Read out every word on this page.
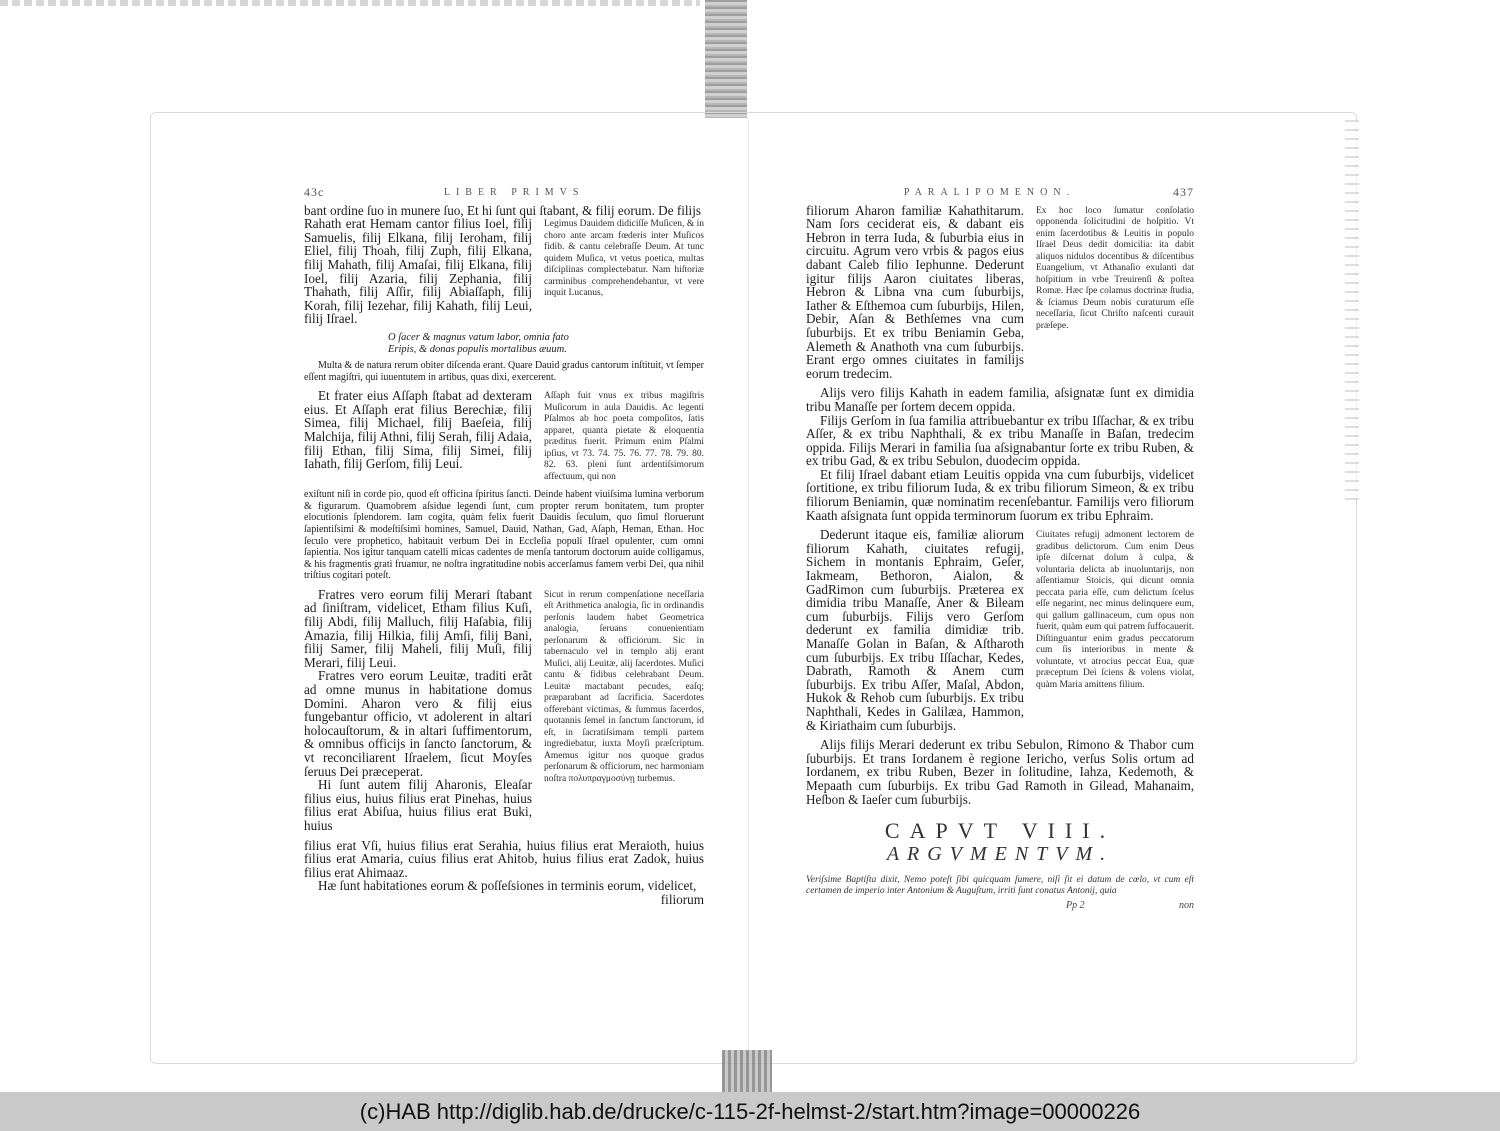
43c	LIBER PRIMVS

bant ordine ſuo in munere ſuo, Et hi ſunt qui ſtabant, & filij eorum. De filijs

Rahath erat Hemam cantor filius Ioel, filij Samuelis, filij Elkana, filij Ieroham, filij Eliel, filij Thoah, filij Zuph, filij Elkana, filij Mahath, filij Amaſai, filij Elkana, filij Ioel, filij Azaria, filij Zephania, filij Thahath, filij Aſſir, filij Abiaſſaph, filij Korah, filij Iezehar, filij Kahath, filij Leui, filij Iſrael.

Legimus Dauidem didiciſſe Muſicen, & in choro ante arcam fœderis inter Muſicos fidib. & cantu celebraſſe Deum. At tunc quidem Muſica, vt vetus poetica, multas diſciplinas complectebatur. Nam hiſtoriæ carminibus comprehendebantur, vt vere inquit Lucanus,

O ſacer & magnus vatum labor, omnia fato
Eripis, & donas populis mortalibus æuum.

Multa & de natura rerum obiter diſcenda erant. Quare Dauid gradus cantorum inſtituit, vt ſemper eſſent magiſtri, qui iuuentutem in artibus, quas dixi, exercerent.

Et frater eius Aſſaph ſtabat ad dexteram eius. Et Aſſaph erat filius Berechiæ, filij Simea, filij Michael, filij Baeſeia, filij Malchija, filij Athni, filij Serah, filij Adaia, filij Ethan, filij Sima, filij Simei, filij Iahath, filij Gerſom, filij Leui.

Aſſaph fuit vnus ex tribus magiſtris Muſicorum in aula Dauidis. Ac legenti Pſalmos ab hoc poeta compoſitos, ſatis apparet, quanta pietate & eloquentia præditus fuerit. Primum enim Pſalmi ipſius, vt 73. 74. 75. 76. 77. 78. 79. 80. 82. 63. pleni ſunt ardentiſsimorum affectuum, qui non

exiſtunt niſi in corde pio, quod eſt officina ſpiritus ſancti. Deinde habent viuiſsima lumina verborum & figurarum. Quamobrem aſsidue legendi ſunt, cum propter rerum bonitatem, tum propter elocutionis ſplendorem. Iam cogita, quàm felix fuerit Dauidis ſeculum, quo ſimul floruerunt ſapientiſsimi & modeſtiſsimi homines, Samuel, Dauid, Nathan, Gad, Aſaph, Heman, Ethan. Hoc ſeculo vere prophetico, habitauit verbum Dei in Eccleſia populi Iſrael opulenter, cum omni ſapientia. Nos igitur tanquam catelli micas cadentes de menſa tantorum doctorum auide colligamus, & his fragmentis grati fruamur, ne noſtra ingratitudine nobis accerſamus famem verbi Dei, qua nihil triſtius cogitari poteſt.

Fratres vero eorum filij Merari ſtabant ad ſiniſtram, videlicet, Etham filius Kuſi, filij Abdi, filij Malluch, filij Haſabia, filij Amazia, filij Hilkia, filij Amſi, filij Bani, filij Samer, filij Maheli, filij Muſi, filij Merari, filij Leui.

Fratres vero eorum Leuitæ, traditi erãt ad omne munus in habitatione domus Domini. Aharon vero & filij eius fungebantur officio, vt adolerent in altari holocauſtorum, & in altari ſuffimentorum, & omnibus officijs in ſancto ſanctorum, & vt reconciliarent Iſraelem, ſicut Moyſes ſeruus Dei præceperat.

Hi ſunt autem filij Aharonis, Eleaſar filius eius, huius filius erat Pinehas, huius filius erat Abiſua, huius filius erat Buki, huius

Sicut in rerum compenſatione neceſſaria eſt Arithmetica analogia, ſic in ordinandis perſonis laudem habet Geometrica analogia, ſeruans conuenientiam perſonarum & officiorum. Sic in tabernaculo vel in templo alij erant Muſici, alij Leuitæ, alij ſacerdotes. Muſici cantu & fidibus celebrabant Deum. Leuitæ mactabant pecudes, eaſq; præparabant ad ſacrificia. Sacerdotes offerebant victimas, & ſummus ſacerdos, quotannis ſemel in ſanctum ſanctorum, id eſt, in ſacratiſsimam templi partem ingrediebatur, iuxta Moyſi præſcriptum. Amemus igitur nos quoque gradus perſonarum & officiorum, nec harmoniam noſtra πολυπραγμοσύνῃ turbemus.

filius erat Vſi, huius filius erat Serahia, huius filius erat Meraioth, huius filius erat Amaria, cuius filius erat Ahitob, huius filius erat Zadok, huius filius erat Ahimaaz.

Hæ ſunt habitationes eorum & poſſeſsiones in terminis eorum, videlicet,

filiorum

PARALIPOMENON.	437

filiorum Aharon familiæ Kahathitarum. Nam ſors ceciderat eis, & dabant eis Hebron in terra Iuda, & ſuburbia eius in circuitu. Agrum vero vrbis & pagos eius dabant Caleb filio Iephunne. Dederunt igitur filijs Aaron ciuitates liberas, Hebron & Libna vna cum ſuburbijs, Iather & Eſthemoa cum ſuburbijs, Hilen, Debir, Aſan & Bethſemes vna cum ſuburbijs. Et ex tribu Beniamin Geba, Alemeth & Anathoth vna cum ſuburbijs. Erant ergo omnes ciuitates in familijs eorum tredecim.

Ex hoc loco ſumatur conſolatio opponenda ſolicitudini de hoſpitio. Vt enim ſacerdotibus & Leuitis in populo Iſrael Deus dedit domicilia: ita dabit aliquos nidulos docentibus & diſcentibus Euangelium, vt Athanaſio exulanti dat hoſpitium in vrbe Treuirenſi & poſtea Romæ. Hæc ſpe colamus doctrinæ ſtudia, & ſciamus Deum nobis curaturum eſſe neceſſaria, ſicut Chriſto naſcenti curauit præſepe.

Alijs vero filijs Kahath in eadem familia, aſsignatæ ſunt ex dimidia tribu Manaſſe per ſortem decem oppida.

Filijs Gerſom in ſua familia attribuebantur ex tribu Iſſachar, & ex tribu Aſſer, & ex tribu Naphthali, & ex tribu Manaſſe in Baſan, tredecim oppida. Filijs Merari in familia ſua aſsignabantur ſorte ex tribu Ruben, & ex tribu Gad, & ex tribu Sebulon, duodecim oppida.

Et filij Iſrael dabant etiam Leuitis oppida vna cum ſuburbijs, videlicet ſortitione, ex tribu filiorum Iuda, & ex tribu filiorum Simeon, & ex tribu filiorum Beniamin, quæ nominatim recenſebantur. Familijs vero filiorum Kaath aſsignata ſunt oppida terminorum ſuorum ex tribu Ephraim.

Dederunt itaque eis, familiæ aliorum filiorum Kahath, ciuitates refugij, Sichem in montanis Ephraim, Geſer, Iakmeam, Bethoron, Aialon, & GadRimon cum ſuburbijs. Præterea ex dimidia tribu Manaſſe, Aner & Bileam cum ſuburbijs. Filijs vero Gerſom dederunt ex familia dimidiæ trib. Manaſſe Golan in Baſan, & Aſtharoth cum ſuburbijs. Ex tribu Iſſachar, Kedes, Dabrath, Ramoth & Anem cum ſuburbijs. Ex tribu Aſſer, Maſal, Abdon, Hukok & Rehob cum ſuburbijs. Ex tribu Naphthali, Kedes in Galilæa, Hammon, & Kiriathaim cum ſuburbijs.

Ciuitates refugij admonent lectorem de gradibus delictorum. Cum enim Deus ipſe diſcernat dolum à culpa, & voluntaria delicta ab inuoluntarijs, non aſſentiamur Stoicis, qui dicunt omnia peccata paria eſſe, cum delictum ſcelus eſſe negarint, nec minus delinquere eum, qui gallum gallinaceum, cum opus non fuerit, quàm eum qui patrem ſuffocauerit. Diſtinguantur enim gradus peccatorum cum ſis interioribus in mente & voluntate, vt atrocius peccat Eua, quæ præceptum Dei ſciens & volens violat, quàm Maria amittens filium.

Alijs filijs Merari dederunt ex tribu Sebulon, Rimono & Thabor cum ſuburbijs. Et trans Iordanem è regione Iericho, verſus Solis ortum ad Iordanem, ex tribu Ruben, Bezer in ſolitudine, Iahza, Kedemoth, & Mepaath cum ſuburbijs. Ex tribu Gad Ramoth in Gilead, Mahanaim, Heſbon & Iaeſer cum ſuburbijs.

CAPVT VIII.
ARGVMENTVM.

Veriſsime Baptiſta dixit, Nemo poteſt ſibi quicquam ſumere, niſi ſit ei datum de cœlo, vt cum eſt certamen de imperio inter Antonium & Auguſtum, irriti ſunt conatus Antonij, quia

Pp 2	non
(c)HAB http://diglib.hab.de/drucke/c-115-2f-helmst-2/start.htm?image=00000226
